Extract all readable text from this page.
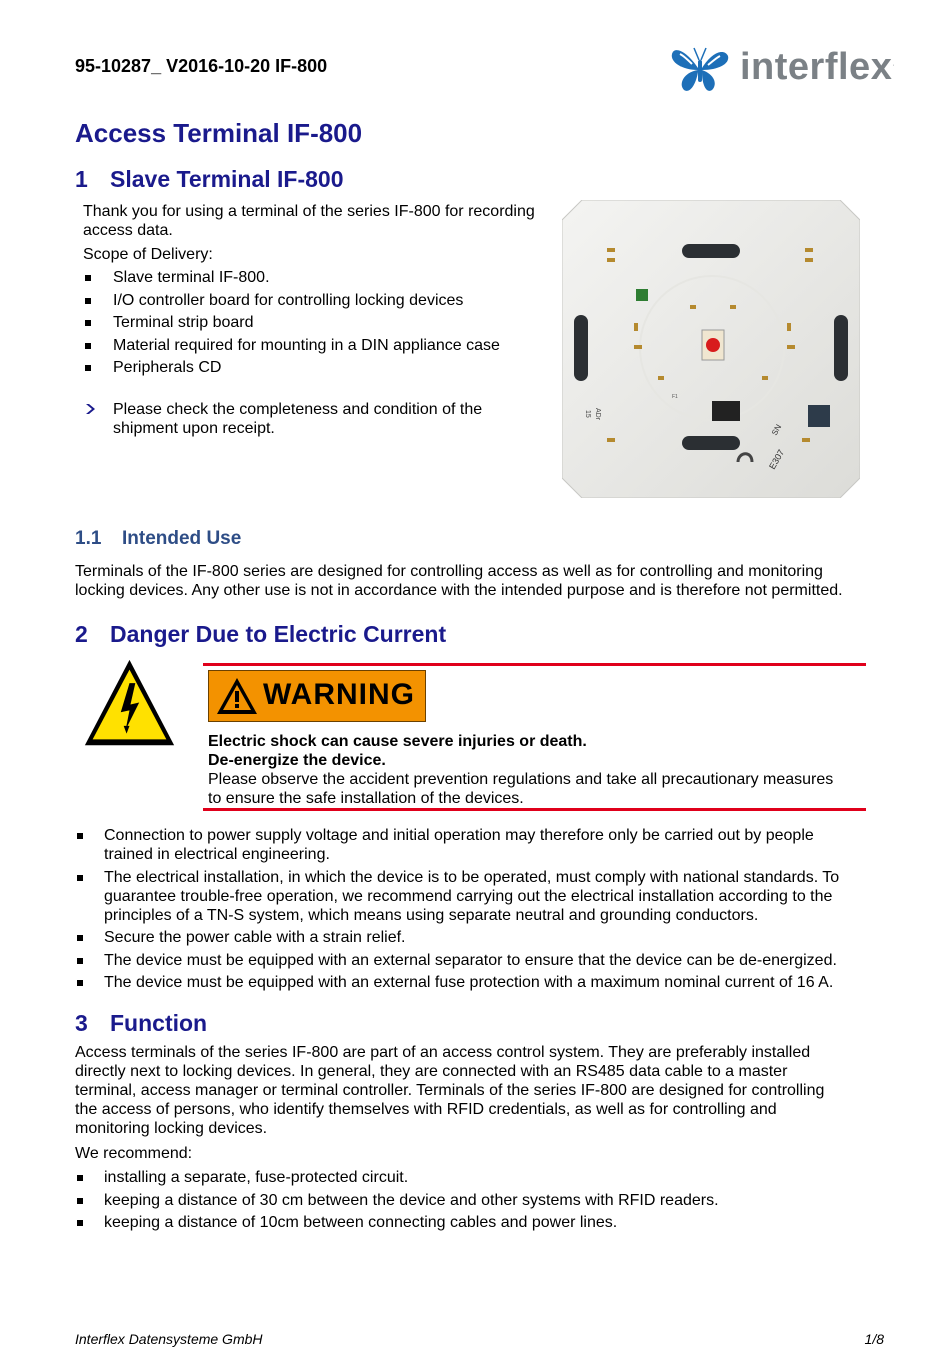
95-10287_ V2016-10-20 IF-800	interflex.
Access Terminal IF-800
1 Slave Terminal IF-800
Thank you for using a terminal of the series IF-800 for recording
access data.
Scope of Delivery:
Slave terminal IF-800.
I/O controller board for controlling locking devices
Terminal strip board
Material required for mounting in a DIN appliance case
Peripherals CD
Please check the completeness and condition of the
shipment upon receipt.
15 ADr
SN
E307
F1
1.1 Intended Use
Terminals of the IF-800 series are designed for controlling access as well as for controlling and monitoring
locking devices. Any other use is not in accordance with the intended purpose and is therefore not permitted.
2 Danger Due to Electric Current
WARNING
Electric shock can cause severe injuries or death.
De-energize the device.
Please observe the accident prevention regulations and take all precautionary measures
to ensure the safe installation of the devices.
Connection to power supply voltage and initial operation may therefore only be carried out by people
trained in electrical engineering.
The electrical installation, in which the device is to be operated, must comply with national standards. To
guarantee trouble-free operation, we recommend carrying out the electrical installation according to the
principles of a TN-S system, which means using separate neutral and grounding conductors.
Secure the power cable with a strain relief.
The device must be equipped with an external separator to ensure that the device can be de-energized.
The device must be equipped with an external fuse protection with a maximum nominal current of 16 A.
3 Function
Access terminals of the series IF-800 are part of an access control system. They are preferably installed
directly next to locking devices. In general, they are connected with an RS485 data cable to a master
terminal, access manager or terminal controller. Terminals of the series IF-800 are designed for controlling
the access of persons, who identify themselves with RFID credentials, as well as for controlling and
monitoring locking devices.
We recommend:
installing a separate, fuse-protected circuit.
keeping a distance of 30 cm between the device and other systems with RFID readers.
keeping a distance of 10cm between connecting cables and power lines.
Interflex Datensysteme GmbH	1/8
